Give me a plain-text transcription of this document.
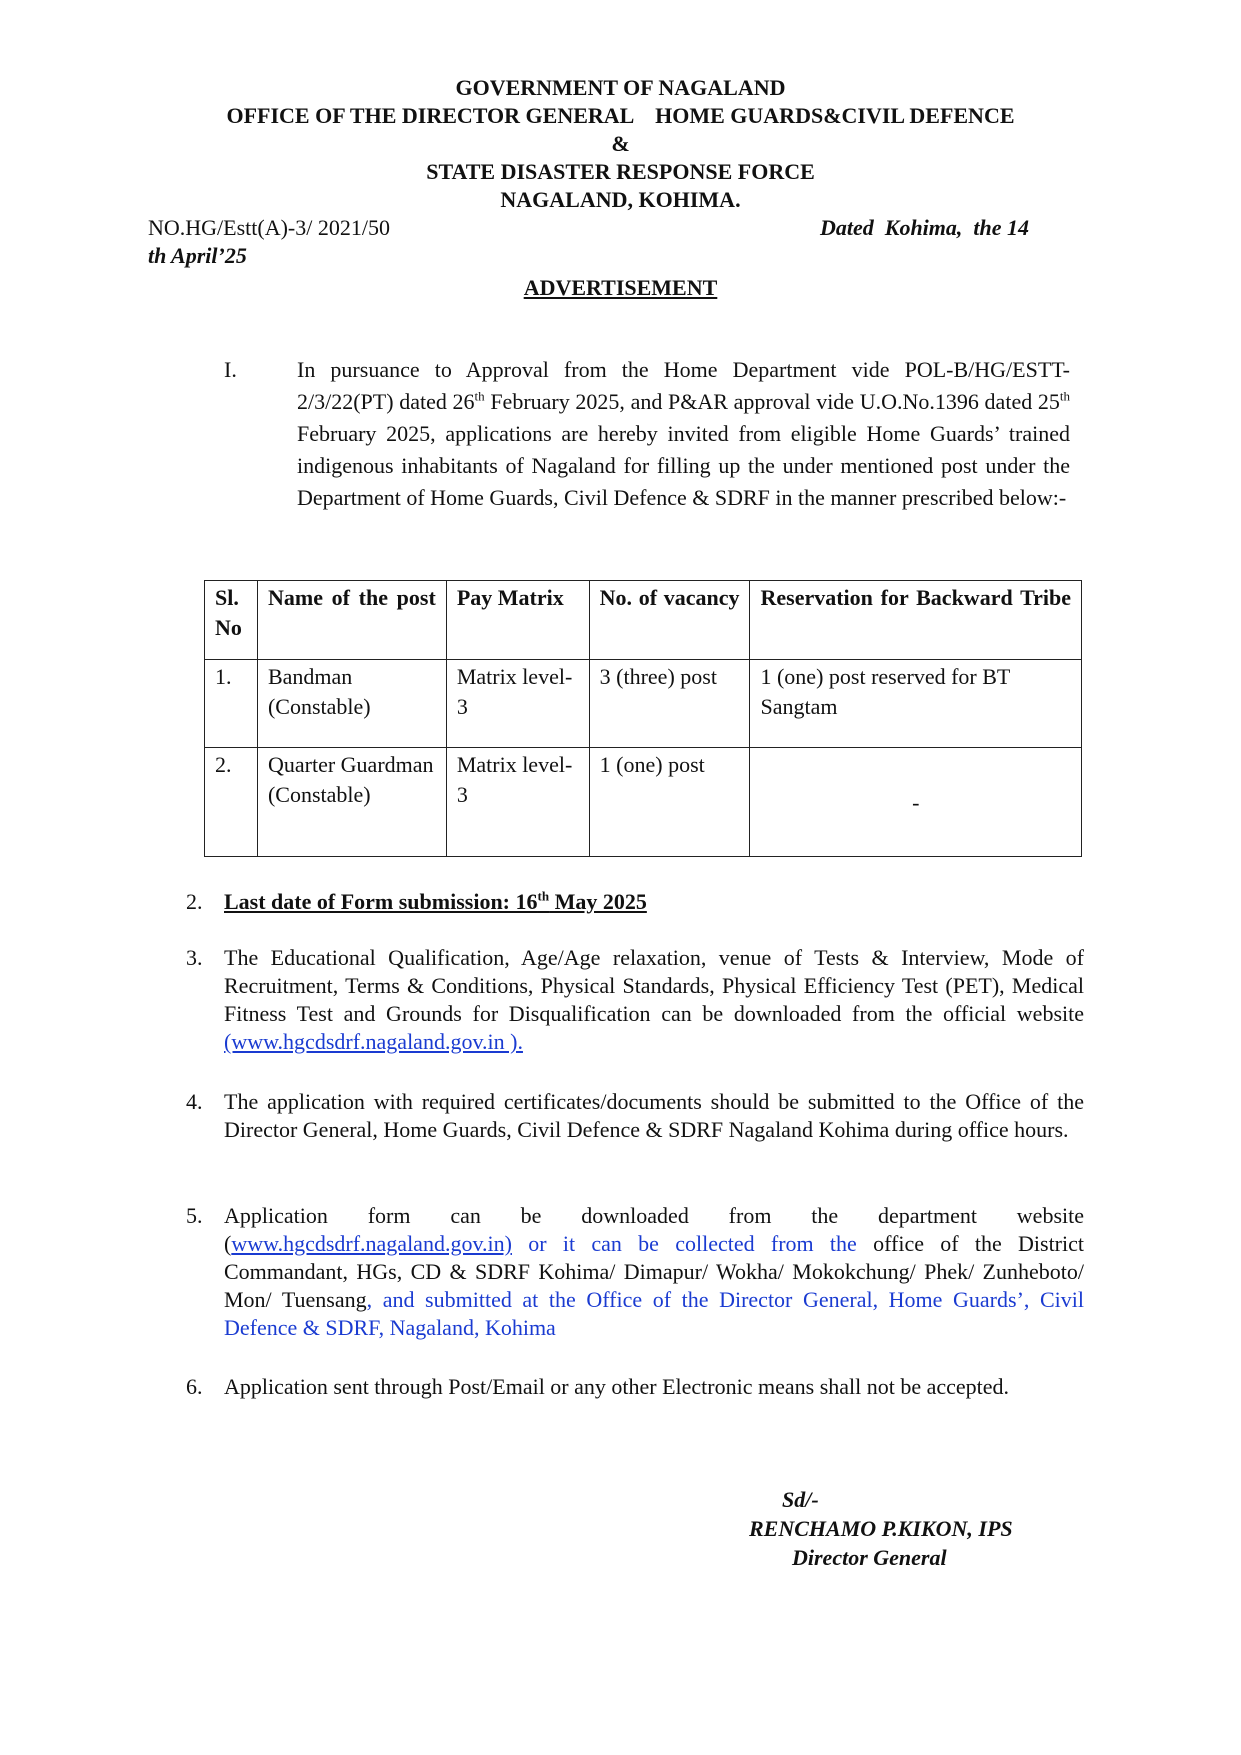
GOVERNMENT OF NAGALAND
OFFICE OF THE DIRECTOR GENERAL    HOME GUARDS&CIVIL DEFENCE
&
STATE DISASTER RESPONSE FORCE
NAGALAND, KOHIMA.
NO.HG/Estt(A)-3/ 2021/50	Dated  Kohima,  the 14
th April’25
ADVERTISEMENT
I.	In pursuance to Approval from the Home Department vide POL-B/HG/ESTT-2/3/22(PT) dated 26th February 2025, and P&AR approval vide U.O.No.1396 dated 25th February 2025, applications are hereby invited from eligible Home Guards’ trained indigenous inhabitants of Nagaland for filling up the under mentioned post under the Department of Home Guards, Civil Defence & SDRF in the manner prescribed below:-
Sl. No	Name of the post	Pay Matrix	No. of vacancy	Reservation for Backward Tribe
1.	Bandman (Constable)	Matrix level-3	3 (three) post	1 (one) post reserved for BT Sangtam
2.	Quarter Guardman (Constable)	Matrix level-3	1 (one) post	-
2. Last date of Form submission: 16th May 2025
3. The Educational Qualification, Age/Age relaxation, venue of Tests & Interview, Mode of Recruitment, Terms & Conditions, Physical Standards, Physical Efficiency Test (PET), Medical Fitness Test and Grounds for Disqualification can be downloaded from the official website (www.hgcdsdrf.nagaland.gov.in ).
4. The application with required certificates/documents should be submitted to the Office of the Director General, Home Guards, Civil Defence & SDRF Nagaland Kohima during office hours.
5. Application form can be downloaded from the department website (www.hgcdsdrf.nagaland.gov.in) or it can be collected from the office of the District Commandant, HGs, CD & SDRF Kohima/ Dimapur/ Wokha/ Mokokchung/ Phek/ Zunheboto/ Mon/ Tuensang, and submitted at the Office of the Director General, Home Guards’, Civil Defence & SDRF, Nagaland, Kohima
6. Application sent through Post/Email or any other Electronic means shall not be accepted.
Sd/-
RENCHAMO P.KIKON, IPS
Director General
